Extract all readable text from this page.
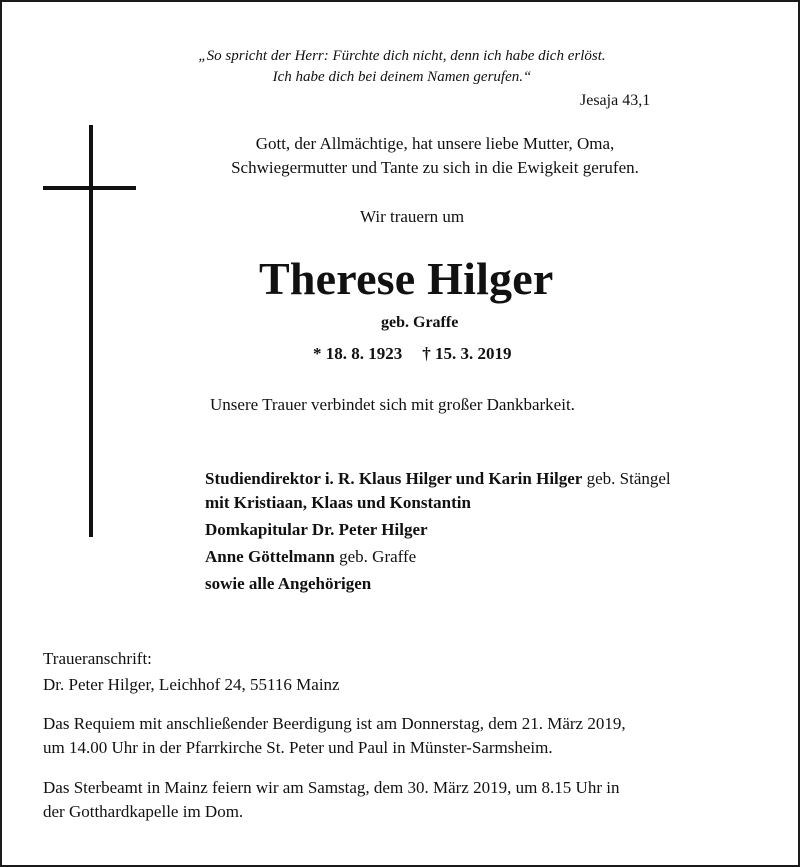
„So spricht der Herr: Fürchte dich nicht, denn ich habe dich erlöst.
Ich habe dich bei deinem Namen gerufen.“
Jesaja 43,1
Gott, der Allmächtige, hat unsere liebe Mutter, Oma,
Schwiegermutter und Tante zu sich in die Ewigkeit gerufen.
Wir trauern um
Therese Hilger
geb. Graffe
* 18. 8. 1923 † 15. 3. 2019
Unsere Trauer verbindet sich mit großer Dankbarkeit.
Studiendirektor i. R. Klaus Hilger und Karin Hilger geb. Stängel
mit Kristiaan, Klaas und Konstantin
Domkapitular Dr. Peter Hilger
Anne Göttelmann geb. Graffe
sowie alle Angehörigen
Traueranschrift:
Dr. Peter Hilger, Leichhof 24, 55116 Mainz
Das Requiem mit anschließender Beerdigung ist am Donnerstag, dem 21. März 2019,
um 14.00 Uhr in der Pfarrkirche St. Peter und Paul in Münster-Sarmsheim.
Das Sterbeamt in Mainz feiern wir am Samstag, dem 30. März 2019, um 8.15 Uhr in
der Gotthardkapelle im Dom.
